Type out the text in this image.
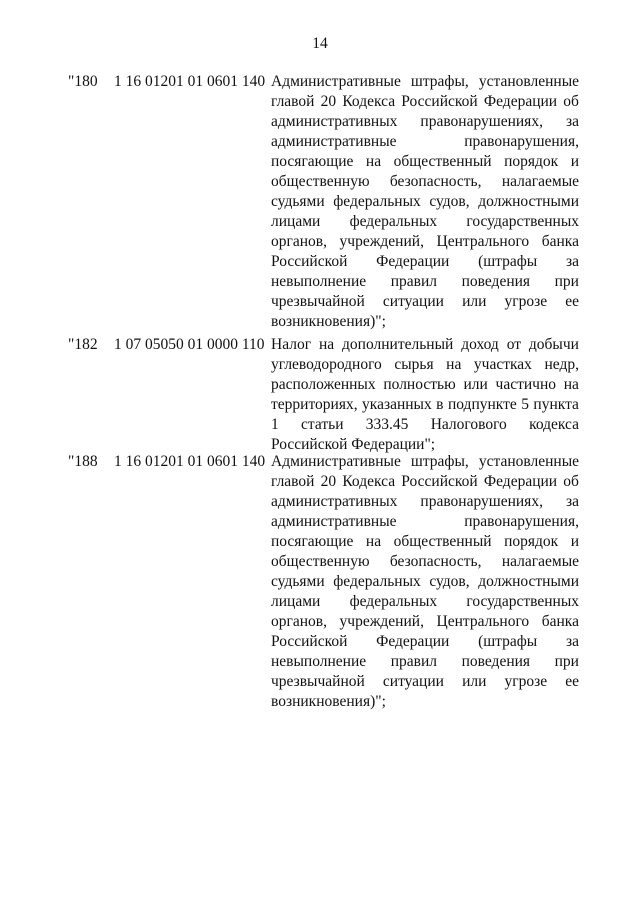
14
"180 1 16 01201 01 0601 140 Административные штрафы, установленные
главой 20 Кодекса Российской Федерации об
административных правонарушениях, за
административные	правонарушения,
посягающие на общественный порядок и
общественную безопасность, налагаемые
судьями федеральных судов, должностными
лицами федеральных государственных
органов, учреждений, Центрального банка
Российской Федерации (штрафы за
невыполнение правил поведения при
чрезвычайной ситуации или угрозе ее
возникновения)";
"182 1 07 05050 01 0000 110 Налог на дополнительный доход от добычи
углеводородного сырья на участках недр,
расположенных полностью или частично на
территориях, указанных в подпункте 5 пункта
1 статьи 333.45 Налогового кодекса
Российской Федерации";
"188 1 16 01201 01 0601 140 Административные штрафы, установленные
главой 20 Кодекса Российской Федерации об
административных правонарушениях, за
административные	правонарушения,
посягающие на общественный порядок и
общественную безопасность, налагаемые
судьями федеральных судов, должностными
лицами федеральных государственных
органов, учреждений, Центрального банка
Российской Федерации (штрафы за
невыполнение правил поведения при
чрезвычайной ситуации или угрозе ее
возникновения)";
